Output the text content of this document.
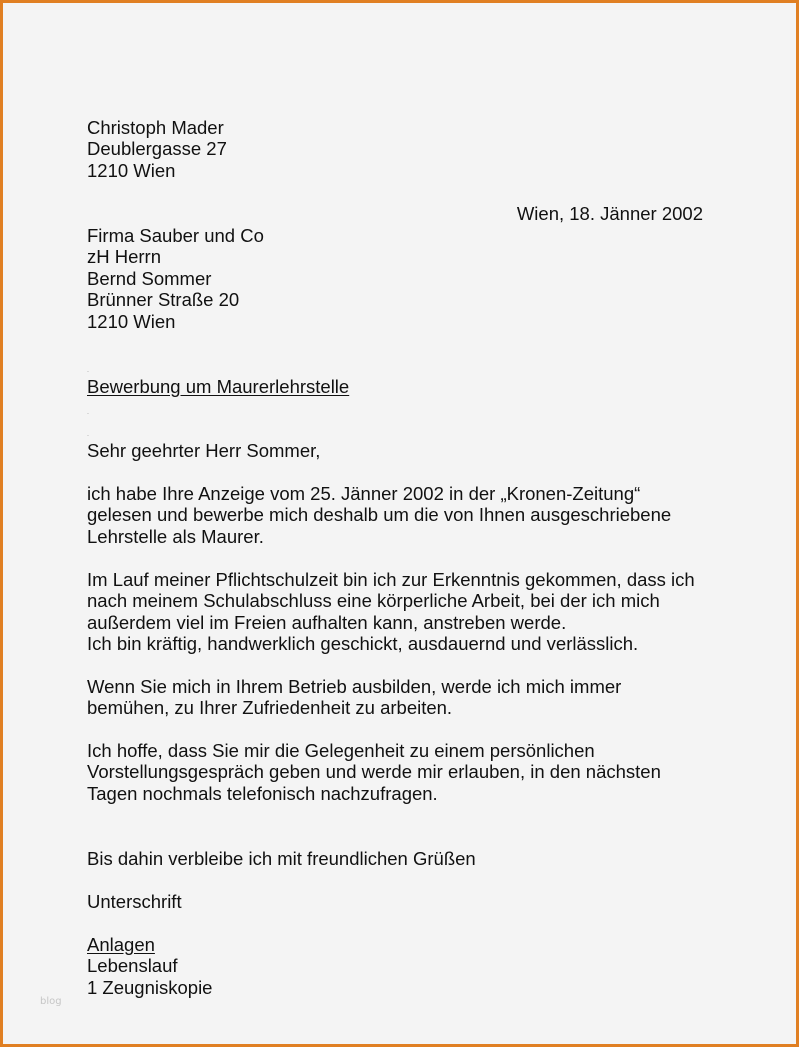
Christoph Mader
Deublergasse 27
1210 Wien
Wien, 18. Jänner 2002
Firma Sauber und Co
zH Herrn
Bernd Sommer
Brünner Straße 20
1210 Wien
·
Bewerbung um Maurerlehrstelle
·
·
Sehr geehrter Herr Sommer,
ich habe Ihre Anzeige vom 25. Jänner 2002 in der „Kronen-Zeitung“
gelesen und bewerbe mich deshalb um die von Ihnen ausgeschriebene
Lehrstelle als Maurer.
Im Lauf meiner Pflichtschulzeit bin ich zur Erkenntnis gekommen, dass ich
nach meinem Schulabschluss eine körperliche Arbeit, bei der ich mich
außerdem viel im Freien aufhalten kann, anstreben werde.
Ich bin kräftig, handwerklich geschickt, ausdauernd und verlässlich.
Wenn Sie mich in Ihrem Betrieb ausbilden, werde ich mich immer
bemühen, zu Ihrer Zufriedenheit zu arbeiten.
Ich hoffe, dass Sie mir die Gelegenheit zu einem persönlichen
Vorstellungsgespräch geben und werde mir erlauben, in den nächsten
Tagen nochmals telefonisch nachzufragen.
Bis dahin verbleibe ich mit freundlichen Grüßen
Unterschrift
Anlagen
Lebenslauf
1 Zeugniskopie
blog
